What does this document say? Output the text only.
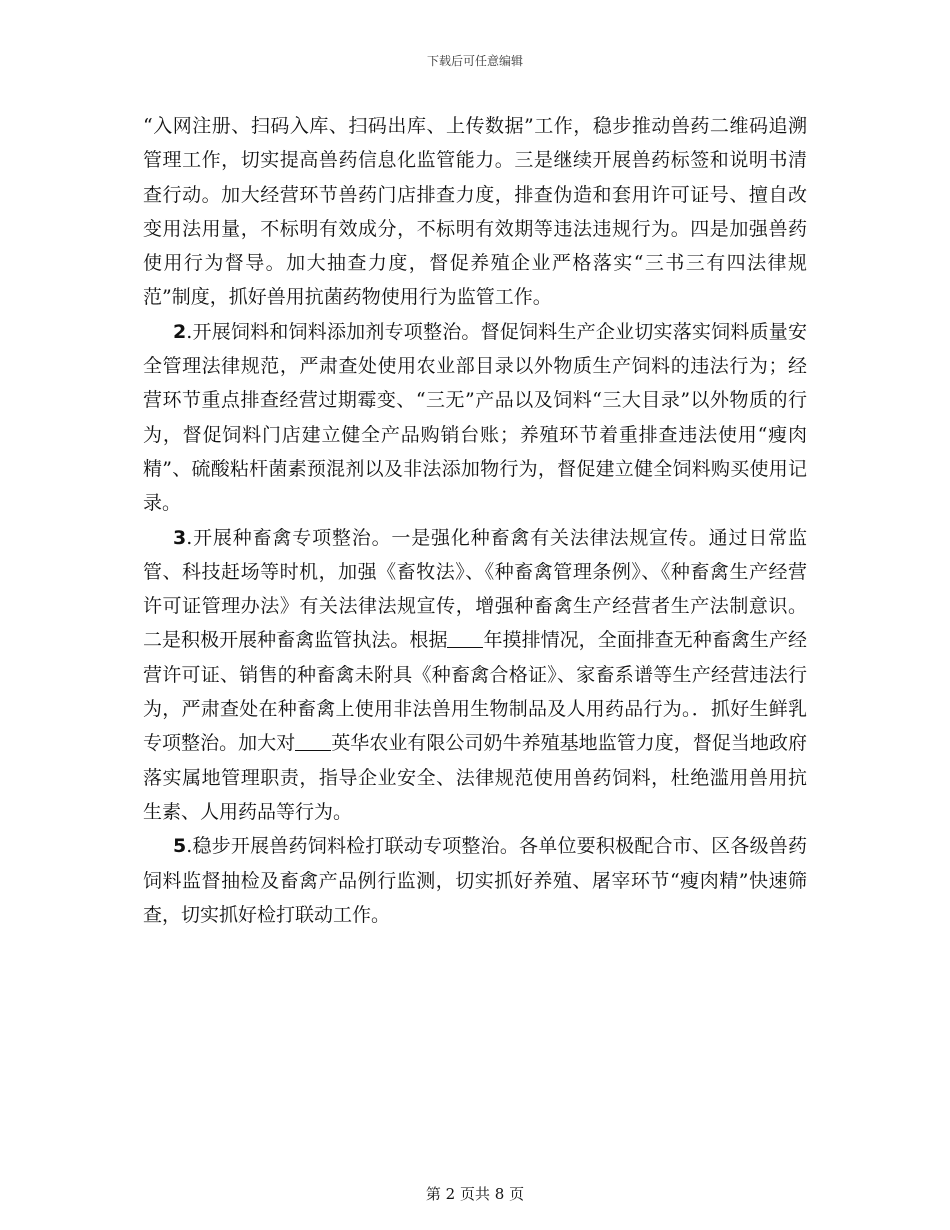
下载后可任意编辑

“入网注册、扫码入库、扫码出库、上传数据”工作，稳步推动兽药二维码追溯管理工作，切实提高兽药信息化监管能力。三是继续开展兽药标签和说明书清查行动。加大经营环节兽药门店排查力度，排查伪造和套用许可证号、擅自改变用法用量，不标明有效成分，不标明有效期等违法违规行为。四是加强兽药使用行为督导。加大抽查力度，督促养殖企业严格落实“三书三有四法律规范”制度，抓好兽用抗菌药物使用行为监管工作。

2.开展饲料和饲料添加剂专项整治。督促饲料生产企业切实落实饲料质量安全管理法律规范，严肃查处使用农业部目录以外物质生产饲料的违法行为；经营环节重点排查经营过期霉变、“三无”产品以及饲料“三大目录”以外物质的行为，督促饲料门店建立健全产品购销台账；养殖环节着重排查违法使用“瘦肉精”、硫酸粘杆菌素预混剂以及非法添加物行为，督促建立健全饲料购买使用记录。

3.开展种畜禽专项整治。一是强化种畜禽有关法律法规宣传。通过日常监管、科技赶场等时机，加强《畜牧法》、《种畜禽管理条例》、《种畜禽生产经营许可证管理办法》有关法律法规宣传，增强种畜禽生产经营者生产法制意识。二是积极开展种畜禽监管执法。根据 年摸排情况，全面排查无种畜禽生产经营许可证、销售的种畜禽未附具《种畜禽合格证》、家畜系谱等生产经营违法行为，严肃查处在种畜禽上使用非法兽用生物制品及人用药品行为。．抓好生鲜乳专项整治。加大对 英华农业有限公司奶牛养殖基地监管力度，督促当地政府落实属地管理职责，指导企业安全、法律规范使用兽药饲料，杜绝滥用兽用抗生素、人用药品等行为。

5.稳步开展兽药饲料检打联动专项整治。各单位要积极配合市、区各级兽药饲料监督抽检及畜禽产品例行监测，切实抓好养殖、屠宰环节“瘦肉精”快速筛查，切实抓好检打联动工作。

第 2 页共 8 页
